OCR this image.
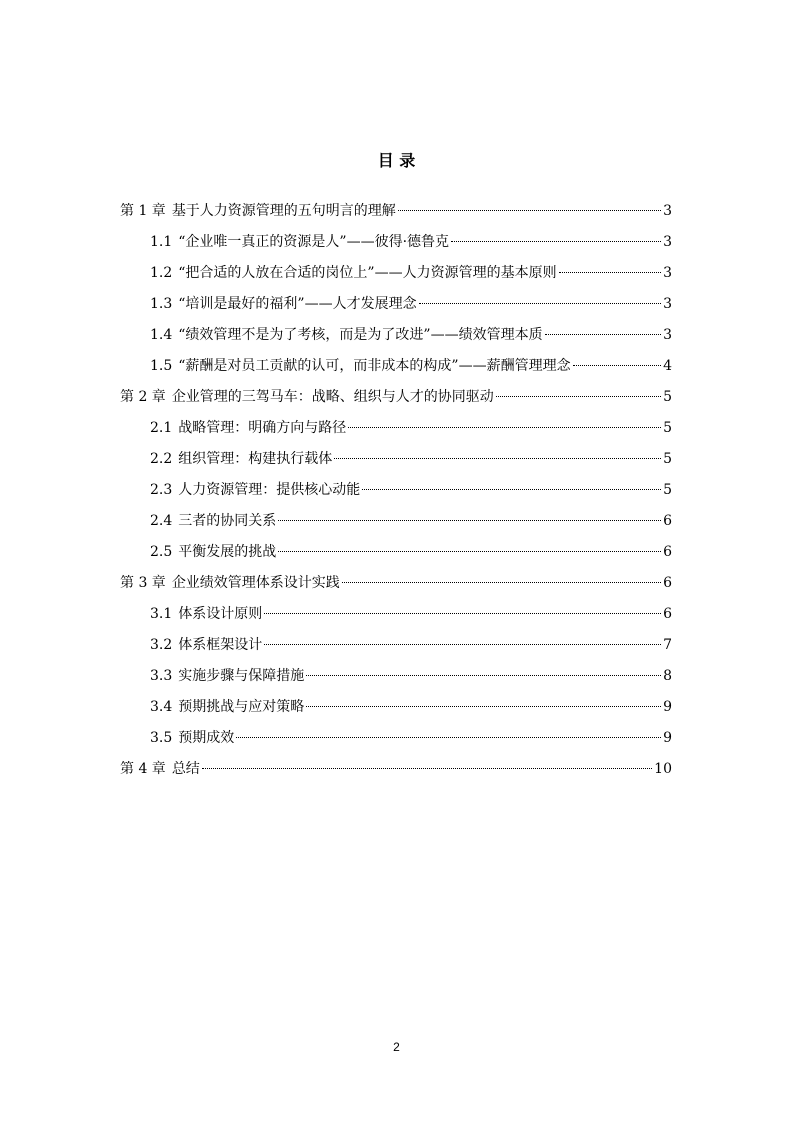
目 录
第 1 章 基于人力资源管理的五句明言的理解	3
1.1 “企业唯一真正的资源是人”——彼得·德鲁克	3
1.2 “把合适的人放在合适的岗位上”——人力资源管理的基本原则	3
1.3 “培训是最好的福利”——人才发展理念	3
1.4 “绩效管理不是为了考核，而是为了改进”——绩效管理本质	3
1.5 “薪酬是对员工贡献的认可，而非成本的构成”——薪酬管理理念	4
第 2 章 企业管理的三驾马车：战略、组织与人才的协同驱动	5
2.1 战略管理：明确方向与路径	5
2.2 组织管理：构建执行载体	5
2.3 人力资源管理：提供核心动能	5
2.4 三者的协同关系	6
2.5 平衡发展的挑战	6
第 3 章 企业绩效管理体系设计实践	6
3.1 体系设计原则	6
3.2 体系框架设计	7
3.3 实施步骤与保障措施	8
3.4 预期挑战与应对策略	9
3.5 预期成效	9
第 4 章 总结	10
2
